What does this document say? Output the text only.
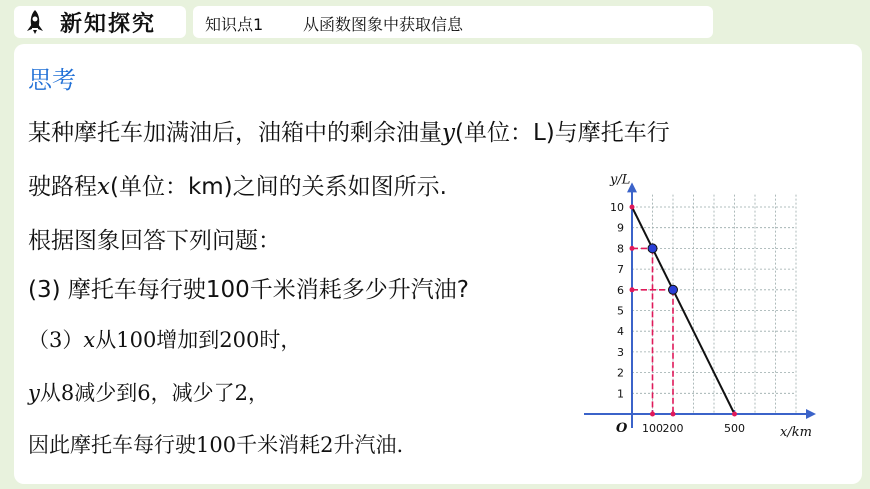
新知探究	知识点1 从函数图象中获取信息
思考
某种摩托车加满油后，油箱中的剩余油量y(单位：L)与摩托车行
驶路程x(单位：km)之间的关系如图所示.
根据图象回答下列问题：
(3) 摩托车每行驶100千米消耗多少升汽油?
（3）x从100增加到200时，
y从8减少到6，减少了2，
因此摩托车每行驶100千米消耗2升汽油.
1
2
3
4
5
6
7
8
9
10
100 200	500
O
y/L
x/km
